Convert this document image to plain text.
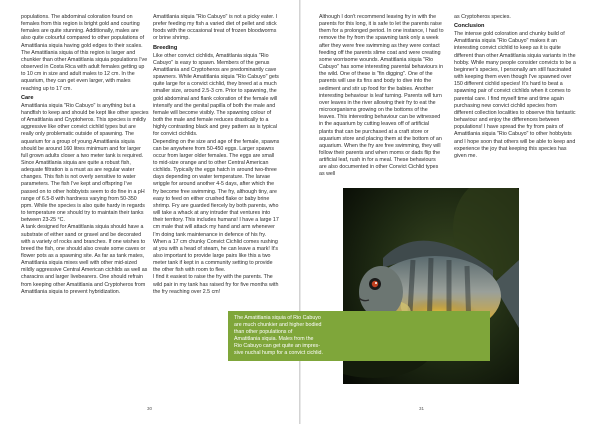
populations. The abdominal coloration found on females from this region is bright gold and courting females are quite stunning. Additionally, males are also quite colourful compared to other populations of Amatitlania siquia having gold edges to their scales. The Amatitlania siquia of this region is larger and chunkier than other Amatitlania siquia populations I've observed in Costa Rica with adult females getting up to 10 cm in size and adult males to 12 cm. In the aquarium, they can get even larger, with males reaching up to 17 cm.

Care

Amatitlania siquia "Rio Cabuyo" is anything but a handfish to keep and should be kept like other species of Amatitlania and Cryptoheros. This species is mildly aggressive like other convict cichlid types but are really only problematic outside of spawning. The aquarium for a group of young Amatitlania siquia should be around 160 litres minimum and for larger full grown adults closer a two meter tank is required. Since Amatitlania siquia are quite a robust fish, adequate filtration is a must as are regular water changes. This fish is not overly sensitive to water parameters. The fish I've kept and offspring I've passed on to other hobbyists seem to do fine in a pH range of 6.5-8 with hardness varying from 50-350 ppm. While the species is also quite hardy in regards to temperature one should try to maintain their tanks between 23-25 °C.

A tank designed for Amatitlania siquia should have a substrate of either sand or gravel and be decorated with a variety of rocks and branches. If one wishes to breed the fish, one should also create some caves or flower pots as a spawning site. As far as tank mates, Amatitlania siquia mixes well with other mid-sized mildly aggressive Central American cichlids as well as characins and larger livebearers. One should refrain from keeping other Amatitlania and Cryptoheros from Amatitlania siquia to prevent hybridization.

Amatitlania siquia "Rio Cabuyo" is not a picky eater. I prefer feeding my fish a varied diet of pellet and stick foods with the occasional treat of frozen bloodworms or brine shrimp.

Breeding

Like other convict cichlids, Amatitlania siquia "Rio Cabuyo" is easy to spawn. Members of the genus Amatitlania and Cryptoheros are predominantly cave spawners. While Amatitlania siquia "Rio Cabuyo" gets quite large for a convict cichlid, they breed at a much smaller size, around 2.5-3 cm. Prior to spawning, the gold abdominal and flank coloration of the female will intensify and the genital papilla of both the male and female will become visibly. The spawning colour of both the male and female reduces drastically to a highly contrasting black and grey pattern as is typical for convict cichlids.

Depending on the size and age of the female, spawns can be anywhere from 50-450 eggs. Larger spawns occur from larger older females. The eggs are small to mid-size orange and to other Central American cichlids. Typically the eggs hatch in around two-three days depending on water temperature. The larvae wriggle for around another 4-5 days, after which the fry become free swimming. The fry, although tiny, are easy to feed on either crushed flake or baby brine shrimp. Fry are guarded fiercely by both parents, who will take a whack at any intruder that ventures into their territory. This includes humans! I have a large 17 cm male that will attack my hand and arm whenever I'm doing tank maintenance in defence of his fry. When a 17 cm chunky Convict Cichlid comes rushing at you with a head of steam, he can leave a mark! It's also important to provide large pairs like this a two meter tank if kept in a community setting to provide the other fish with room to flee.

I find it easiest to raise the fry with the parents. The wild pair in my tank has raised fry for five months with the fry reaching over 2.5 cm!

30

Although I don't recommend leaving fry in with the parents for this long, it is safe to let the parents raise them for a prolonged period. In one instance, I had to remove the fry from the spawning tank only a week after they were free swimming as they were contact feeding off the parents slime coat and were creating some worrisome wounds. Amatitlania siquia "Rio Cabuyo" has some interesting parental behaviours in the wild. One of these is "fin digging". One of the parents will use its fins and body to dive into the sediment and stir up food for the babies. Another interesting behaviour is leaf turning. Parents will turn over leaves in the river allowing their fry to eat the microorganisms growing on the bottoms of the leaves. This interesting behaviour can be witnessed in the aquarium by cutting leaves off of artificial plants that can be purchased at a craft store or aquarium store and placing them at the bottom of an aquarium. When the fry are free swimming, they will follow their parents and when moms or dads flip the artificial leaf, rush in for a meal. These behaviours are also documented in other Convict Cichlid types as well

as Cryptoheros species.

Conclusion

The intense gold coloration and chunky build of Amatitlania siquia "Rio Cabuyo" makes it an interesting convict cichlid to keep as it is quite different than other Amatitlania siquia variants in the hobby. While many people consider convicts to be a beginner's species, I personally am still fascinated with keeping them even though I've spawned over 150 different cichlid species! It's hard to beat a spawning pair of convict cichlids when it comes to parental care. I find myself time and time again purchasing new convict cichlid species from different collection localities to observe this fantastic behaviour and enjoy the differences between populations! I have spread the fry from pairs of Amatitlania siquia "Rio Cabuyo" to other hobbyists and I hope soon that others will be able to keep and experience the joy that keeping this species has given me.

31
The Amatitlania siquia of Rio Cabuyo
are much chunkier and higher bodied
than other populations of
Amatitlania siquia. Males from the
Rio Cabuyo can get quite an impres-
sive nuchal hump for a convict cichlid.
